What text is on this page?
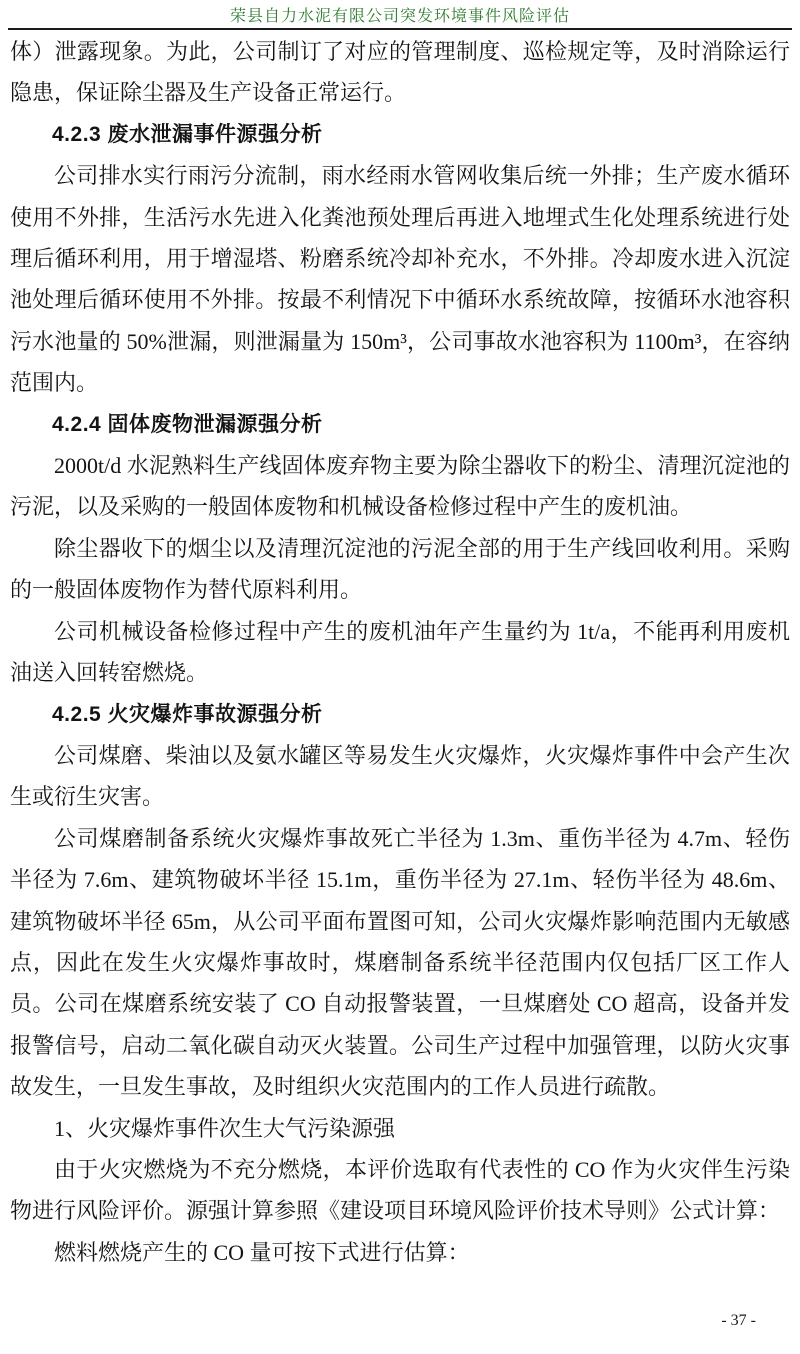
荣县自力水泥有限公司突发环境事件风险评估

体）泄露现象。为此，公司制订了对应的管理制度、巡检规定等，及时消除运行隐患，保证除尘器及生产设备正常运行。

4.2.3 废水泄漏事件源强分析

公司排水实行雨污分流制，雨水经雨水管网收集后统一外排；生产废水循环使用不外排，生活污水先进入化粪池预处理后再进入地埋式生化处理系统进行处理后循环利用，用于增湿塔、粉磨系统冷却补充水，不外排。冷却废水进入沉淀池处理后循环使用不外排。按最不利情况下中循环水系统故障，按循环水池容积污水池量的 50%泄漏，则泄漏量为 150m³，公司事故水池容积为 1100m³，在容纳范围内。

4.2.4 固体废物泄漏源强分析

2000t/d 水泥熟料生产线固体废弃物主要为除尘器收下的粉尘、清理沉淀池的污泥，以及采购的一般固体废物和机械设备检修过程中产生的废机油。

除尘器收下的烟尘以及清理沉淀池的污泥全部的用于生产线回收利用。采购的一般固体废物作为替代原料利用。

公司机械设备检修过程中产生的废机油年产生量约为 1t/a，不能再利用废机油送入回转窑燃烧。

4.2.5 火灾爆炸事故源强分析

公司煤磨、柴油以及氨水罐区等易发生火灾爆炸，火灾爆炸事件中会产生次生或衍生灾害。

公司煤磨制备系统火灾爆炸事故死亡半径为 1.3m、重伤半径为 4.7m、轻伤半径为 7.6m、建筑物破坏半径 15.1m，重伤半径为 27.1m、轻伤半径为 48.6m、建筑物破坏半径 65m，从公司平面布置图可知，公司火灾爆炸影响范围内无敏感点，因此在发生火灾爆炸事故时，煤磨制备系统半径范围内仅包括厂区工作人员。公司在煤磨系统安装了 CO 自动报警装置，一旦煤磨处 CO 超高，设备并发报警信号，启动二氧化碳自动灭火装置。公司生产过程中加强管理，以防火灾事故发生，一旦发生事故，及时组织火灾范围内的工作人员进行疏散。

1、火灾爆炸事件次生大气污染源强

由于火灾燃烧为不充分燃烧，本评价选取有代表性的 CO 作为火灾伴生污染物进行风险评价。源强计算参照《建设项目环境风险评价技术导则》公式计算：

燃料燃烧产生的 CO 量可按下式进行估算：

- 37 -
